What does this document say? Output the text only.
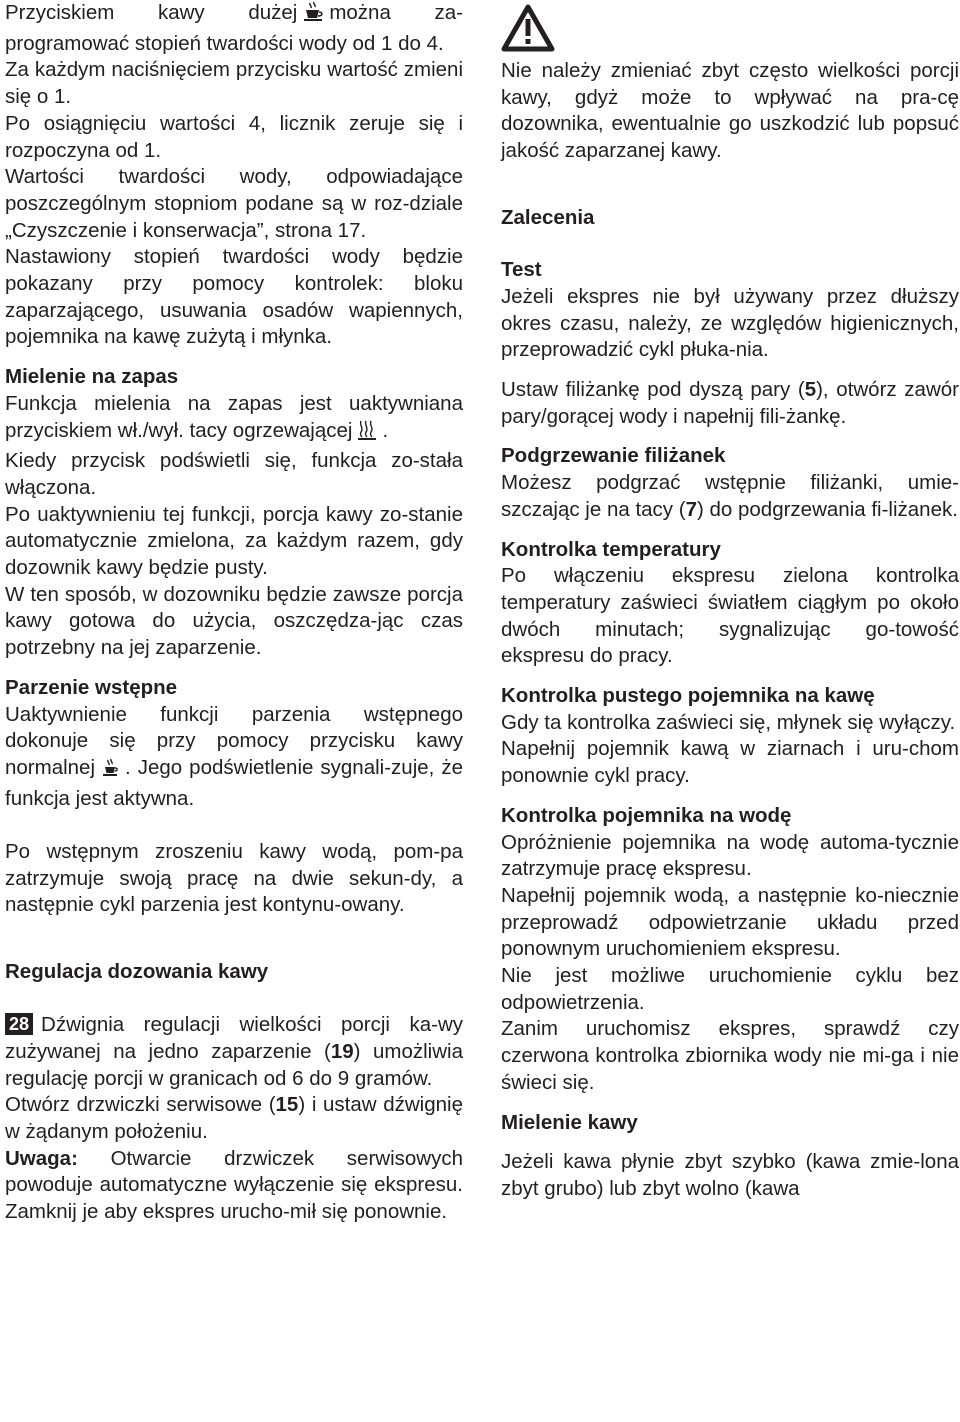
Przyciskiem kawy dużej można za-programować stopień twardości wody od 1 do 4.

Za każdym naciśnięciem przycisku wartość zmieni się o 1.

Po osiągnięciu wartości 4, licznik zeruje się i rozpoczyna od 1.

Wartości twardości wody, odpowiadające poszczególnym stopniom podane są w roz-dziale „Czyszczenie i konserwacja”, strona 17.

Nastawiony stopień twardości wody będzie pokazany przy pomocy kontrolek: bloku zaparzającego, usuwania osadów wapiennych, pojemnika na kawę zużytą i młynka.

Mielenie na zapas

Funkcja mielenia na zapas jest uaktywniana przyciskiem wł./wył. tacy ogrzewającej .

Kiedy przycisk podświetli się, funkcja zo-stała włączona.

Po uaktywnieniu tej funkcji, porcja kawy zo-stanie automatycznie zmielona, za każdym razem, gdy dozownik kawy będzie pusty.

W ten sposób, w dozowniku będzie zawsze porcja kawy gotowa do użycia, oszczędza-jąc czas potrzebny na jej zaparzenie.

Parzenie wstępne

Uaktywnienie funkcji parzenia wstępnego dokonuje się przy pomocy przycisku kawy normalnej . Jego podświetlenie sygnali-zuje, że funkcja jest aktywna.

Po wstępnym zroszeniu kawy wodą, pom-pa zatrzymuje swoją pracę na dwie sekun-dy, a następnie cykl parzenia jest kontynu-owany.

Regulacja dozowania kawy

28 Dźwignia regulacji wielkości porcji ka-wy zużywanej na jedno zaparzenie (19) umożliwia regulację porcji w granicach od 6 do 9 gramów.

Otwórz drzwiczki serwisowe (15) i ustaw dźwignię w żądanym położeniu.

Uwaga: Otwarcie drzwiczek serwisowych powoduje automatyczne wyłączenie się ekspresu. Zamknij je aby ekspres urucho-mił się ponownie.

Nie należy zmieniać zbyt często wielkości porcji kawy, gdyż może to wpływać na pra-cę dozownika, ewentualnie go uszkodzić lub popsuć jakość zaparzanej kawy.

Zalecenia
Test

Jeżeli ekspres nie był używany przez dłuższy okres czasu, należy, ze względów higienicznych, przeprowadzić cykl płuka-nia.

Ustaw filiżankę pod dyszą pary (5), otwórz zawór pary/gorącej wody i napełnij fili-żankę.

Podgrzewanie filiżanek

Możesz podgrzać wstępnie filiżanki, umie-szczając je na tacy (7) do podgrzewania fi-liżanek.

Kontrolka temperatury

Po włączeniu ekspresu zielona kontrolka temperatury zaświeci światłem ciągłym po około dwóch minutach; sygnalizując go-towość ekspresu do pracy.

Kontrolka pustego pojemnika na kawę

Gdy ta kontrolka zaświeci się, młynek się wyłączy.

Napełnij pojemnik kawą w ziarnach i uru-chom ponownie cykl pracy.

Kontrolka pojemnika na wodę

Opróżnienie pojemnika na wodę automa-tycznie zatrzymuje pracę ekspresu.

Napełnij pojemnik wodą, a następnie ko-niecznie przeprowadź odpowietrzanie układu przed ponownym uruchomieniem ekspresu.

Nie jest możliwe uruchomienie cyklu bez odpowietrzenia.

Zanim uruchomisz ekspres, sprawdź czy czerwona kontrolka zbiornika wody nie mi-ga i nie świeci się.

Mielenie kawy

Jeżeli kawa płynie zbyt szybko (kawa zmie-lona zbyt grubo) lub zbyt wolno (kawa
